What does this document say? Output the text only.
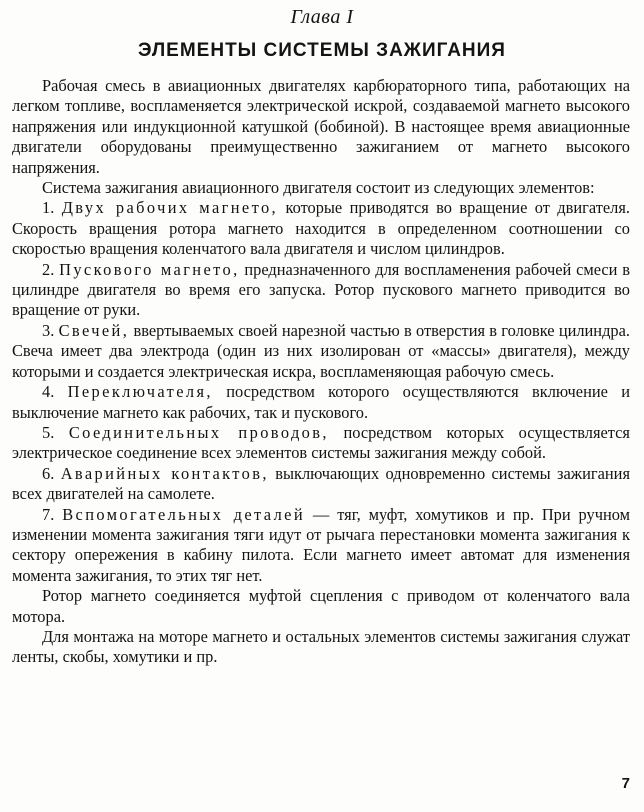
Глава I
ЭЛЕМЕНТЫ СИСТЕМЫ ЗАЖИГАНИЯ

Рабочая смесь в авиационных двигателях карбюраторного типа, работающих на легком топливе, воспламеняется электрической искрой, создаваемой магнето высокого напряжения или индукционной катушкой (бобиной). В настоящее время авиационные двигатели оборудованы преимущественно зажиганием от магнето высокого напряжения.

Система зажигания авиационного двигателя состоит из следующих элементов:

1. Двух рабочих магнето, которые приводятся во вращение от двигателя. Скорость вращения ротора магнето находится в определенном соотношении со скоростью вращения коленчатого вала двигателя и числом цилиндров.

2. Пускового магнето, предназначенного для воспламенения рабочей смеси в цилиндре двигателя во время его запуска. Ротор пускового магнето приводится во вращение от руки.

3. Свечей, ввертываемых своей нарезной частью в отверстия в головке цилиндра. Свеча имеет два электрода (один из них изолирован от «массы» двигателя), между которыми и создается электрическая искра, воспламеняющая рабочую смесь.

4. Переключателя, посредством которого осуществляются включение и выключение магнето как рабочих, так и пускового.

5. Соединительных проводов, посредством которых осуществляется электрическое соединение всех элементов системы зажигания между собой.

6. Аварийных контактов, выключающих одновременно системы зажигания всех двигателей на самолете.

7. Вспомогательных деталей — тяг, муфт, хомутиков и пр. При ручном изменении момента зажигания тяги идут от рычага перестановки момента зажигания к сектору опережения в кабину пилота. Если магнето имеет автомат для изменения момента зажигания, то этих тяг нет.

Ротор магнето соединяется муфтой сцепления с приводом от коленчатого вала мотора.

Для монтажа на моторе магнето и остальных элементов системы зажигания служат ленты, скобы, хомутики и пр.

7
